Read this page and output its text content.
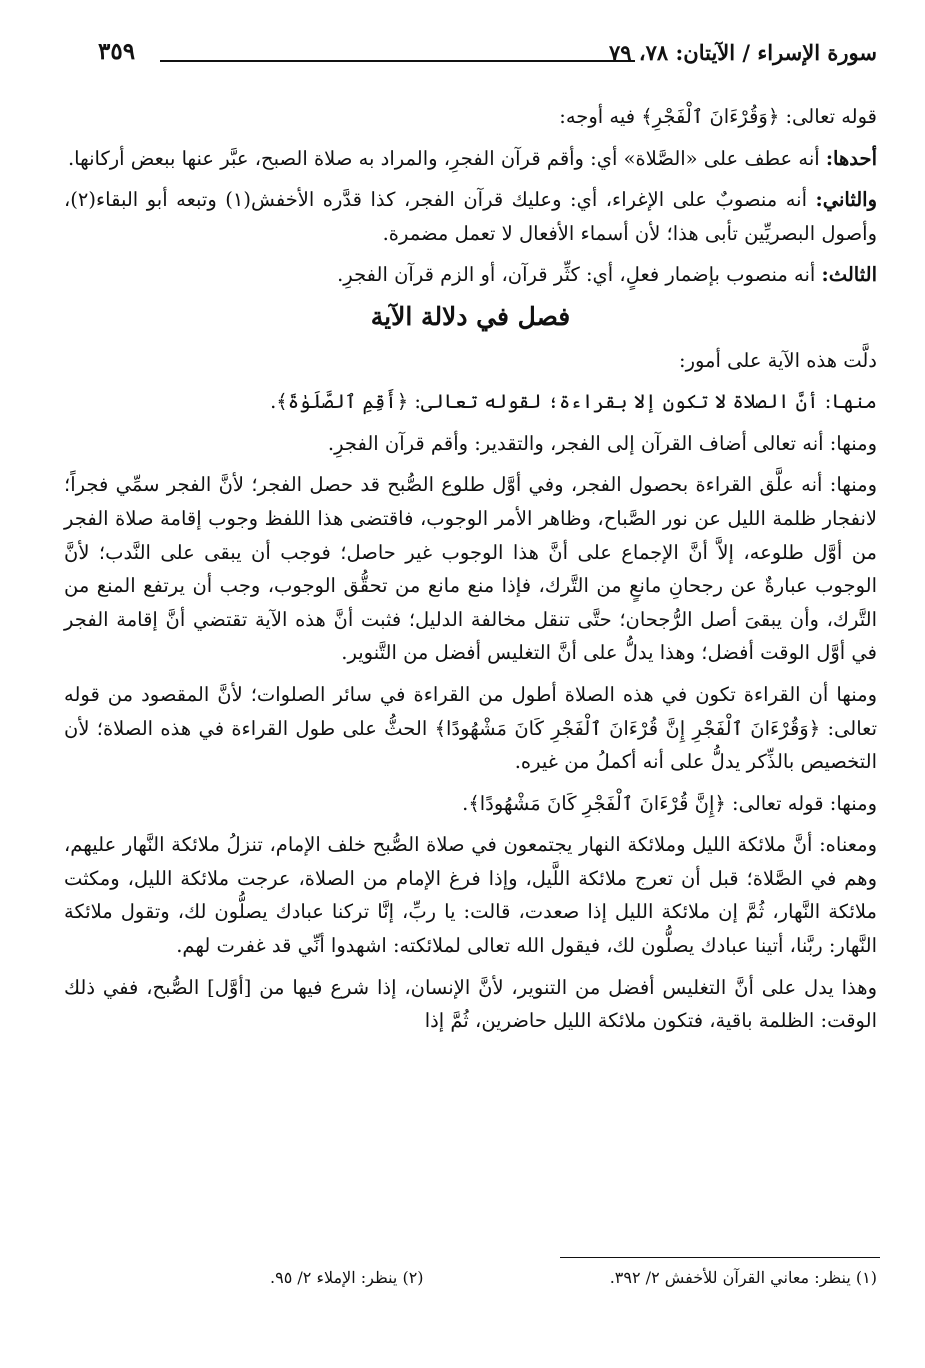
سورة الإسراء / الآيتان: ٧٨، ٧٩
٣٥٩

قوله تعالى: ﴿وَقُرْءَانَ ٱلْفَجْرِ﴾ فيه أوجه:

أحدها: أنه عطف على «الصَّلاة» أي: وأقم قرآن الفجرِ، والمراد به صلاة الصبح، عبَّر عنها ببعض أركانها.

والثاني: أنه منصوبٌ على الإغراء، أي: وعليك قرآن الفجر، كذا قدَّره الأخفش(١) وتبعه أبو البقاء(٢)، وأصول البصريِّين تأبى هذا؛ لأن أسماء الأفعال لا تعمل مضمرة.

الثالث: أنه منصوب بإضمار فعلٍ، أي: كثِّر قرآن، أو الزم قرآن الفجرِ.

فصل في دلالة الآية

دلَّت هذه الآية على أمور:

منها: أنَّ الصلاة لا تكون إلا بقراءة؛ لقوله تعالى: ﴿أَقِمِ ٱلصَّلَوٰةَ﴾.

ومنها: أنه تعالى أضاف القرآن إلى الفجر، والتقدير: وأقم قرآن الفجرِ.

ومنها: أنه علَّق القراءة بحصول الفجر، وفي أوَّل طلوع الصُّبح قد حصل الفجر؛ لأنَّ الفجر سمِّي فجراً؛ لانفجار ظلمة الليل عن نور الصَّباح، وظاهر الأمر الوجوب، فاقتضى هذا اللفظ وجوب إقامة صلاة الفجر من أوَّل طلوعه، إلاَّ أنَّ الإجماع على أنَّ هذا الوجوب غير حاصل؛ فوجب أن يبقى على النَّدب؛ لأنَّ الوجوب عبارةٌ عن رجحانِ مانعٍ من التَّرك، فإذا منع مانع من تحقُّق الوجوب، وجب أن يرتفع المنع من التَّرك، وأن يبقىَ أصل الرُّجحان؛ حتَّى تنقل مخالفة الدليل؛ فثبت أنَّ هذه الآية تقتضي أنَّ إقامة الفجر في أوَّل الوقت أفضل؛ وهذا يدلُّ على أنَّ التغليس أفضل من التَّنوير.

ومنها أن القراءة تكون في هذه الصلاة أطول من القراءة في سائر الصلوات؛ لأنَّ المقصود من قوله تعالى: ﴿وَقُرْءَانَ ٱلْفَجْرِ إِنَّ قُرْءَانَ ٱلْفَجْرِ كَانَ مَشْهُودًا﴾ الحثُّ على طول القراءة في هذه الصلاة؛ لأن التخصيص بالذِّكر يدلُّ على أنه أكملُ من غيره.

ومنها: قوله تعالى: ﴿إِنَّ قُرْءَانَ ٱلْفَجْرِ كَانَ مَشْهُودًا﴾.

ومعناه: أنَّ ملائكة الليل وملائكة النهار يجتمعون في صلاة الصُّبح خلف الإمام، تنزلُ ملائكة النَّهار عليهم، وهم في الصَّلاة؛ قبل أن تعرج ملائكة اللَّيل، وإذا فرغ الإمام من الصلاة، عرجت ملائكة الليل، ومكثت ملائكة النَّهار، ثُمَّ إن ملائكة الليل إذا صعدت، قالت: يا ربِّ، إنَّا تركنا عبادك يصلُّون لك، وتقول ملائكة النَّهار: ربَّنا، أتينا عبادك يصلُّون لك، فيقول الله تعالى لملائكته: اشهدوا أنِّي قد غفرت لهم.

وهذا يدل على أنَّ التغليس أفضل من التنوير، لأنَّ الإنسان، إذا شرع فيها من [أوَّل] الصُّبح، ففي ذلك الوقت: الظلمة باقية، فتكون ملائكة الليل حاضرين، ثُمَّ إذا

(١) ينظر: معاني القرآن للأخفش ٢/ ٣٩٢.
(٢) ينظر: الإملاء ٢/ ٩٥.
